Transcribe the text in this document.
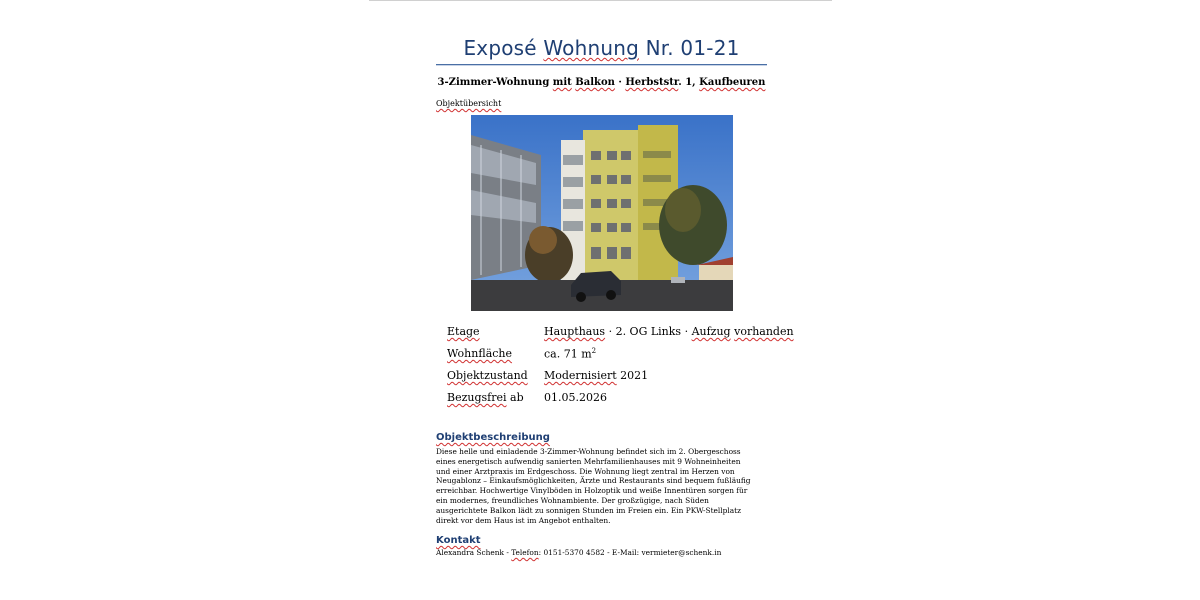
Exposé Wohnung Nr. 01-21
3-Zimmer-Wohnung mit Balkon · Herbststr. 1, Kaufbeuren
Objektübersicht
Etage	Haupthaus · 2. OG Links · Aufzug vorhanden
Wohnfläche	ca. 71 $m^2$
Objektzustand Modernisiert 2021
Bezugsfrei ab 01.05.2026
Objektbeschreibung
Diese helle und einladende 3-Zimmer-Wohnung befindet sich im 2. Obergeschoss eines energetisch aufwendig sanierten Mehrfamilienhauses mit 9 Wohneinheiten und einer Arztpraxis im Erdgeschoss. Die Wohnung liegt zentral im Herzen von Neugablonz – Einkaufsmöglichkeiten, Ärzte und Restaurants sind bequem fußläufig erreichbar. Hochwertige Vinylböden in Holzoptik und weiße Innentüren sorgen für ein modernes, freundliches Wohnambiente. Der großzügige, nach Süden ausgerichtete Balkon lädt zu sonnigen Stunden im Freien ein. Ein PKW-Stellplatz direkt vor dem Haus ist im Angebot enthalten.
Kontakt
Alexandra Schenk - Telefon: 0151-5370 4582 - E-Mail: vermieter@schenk.in
